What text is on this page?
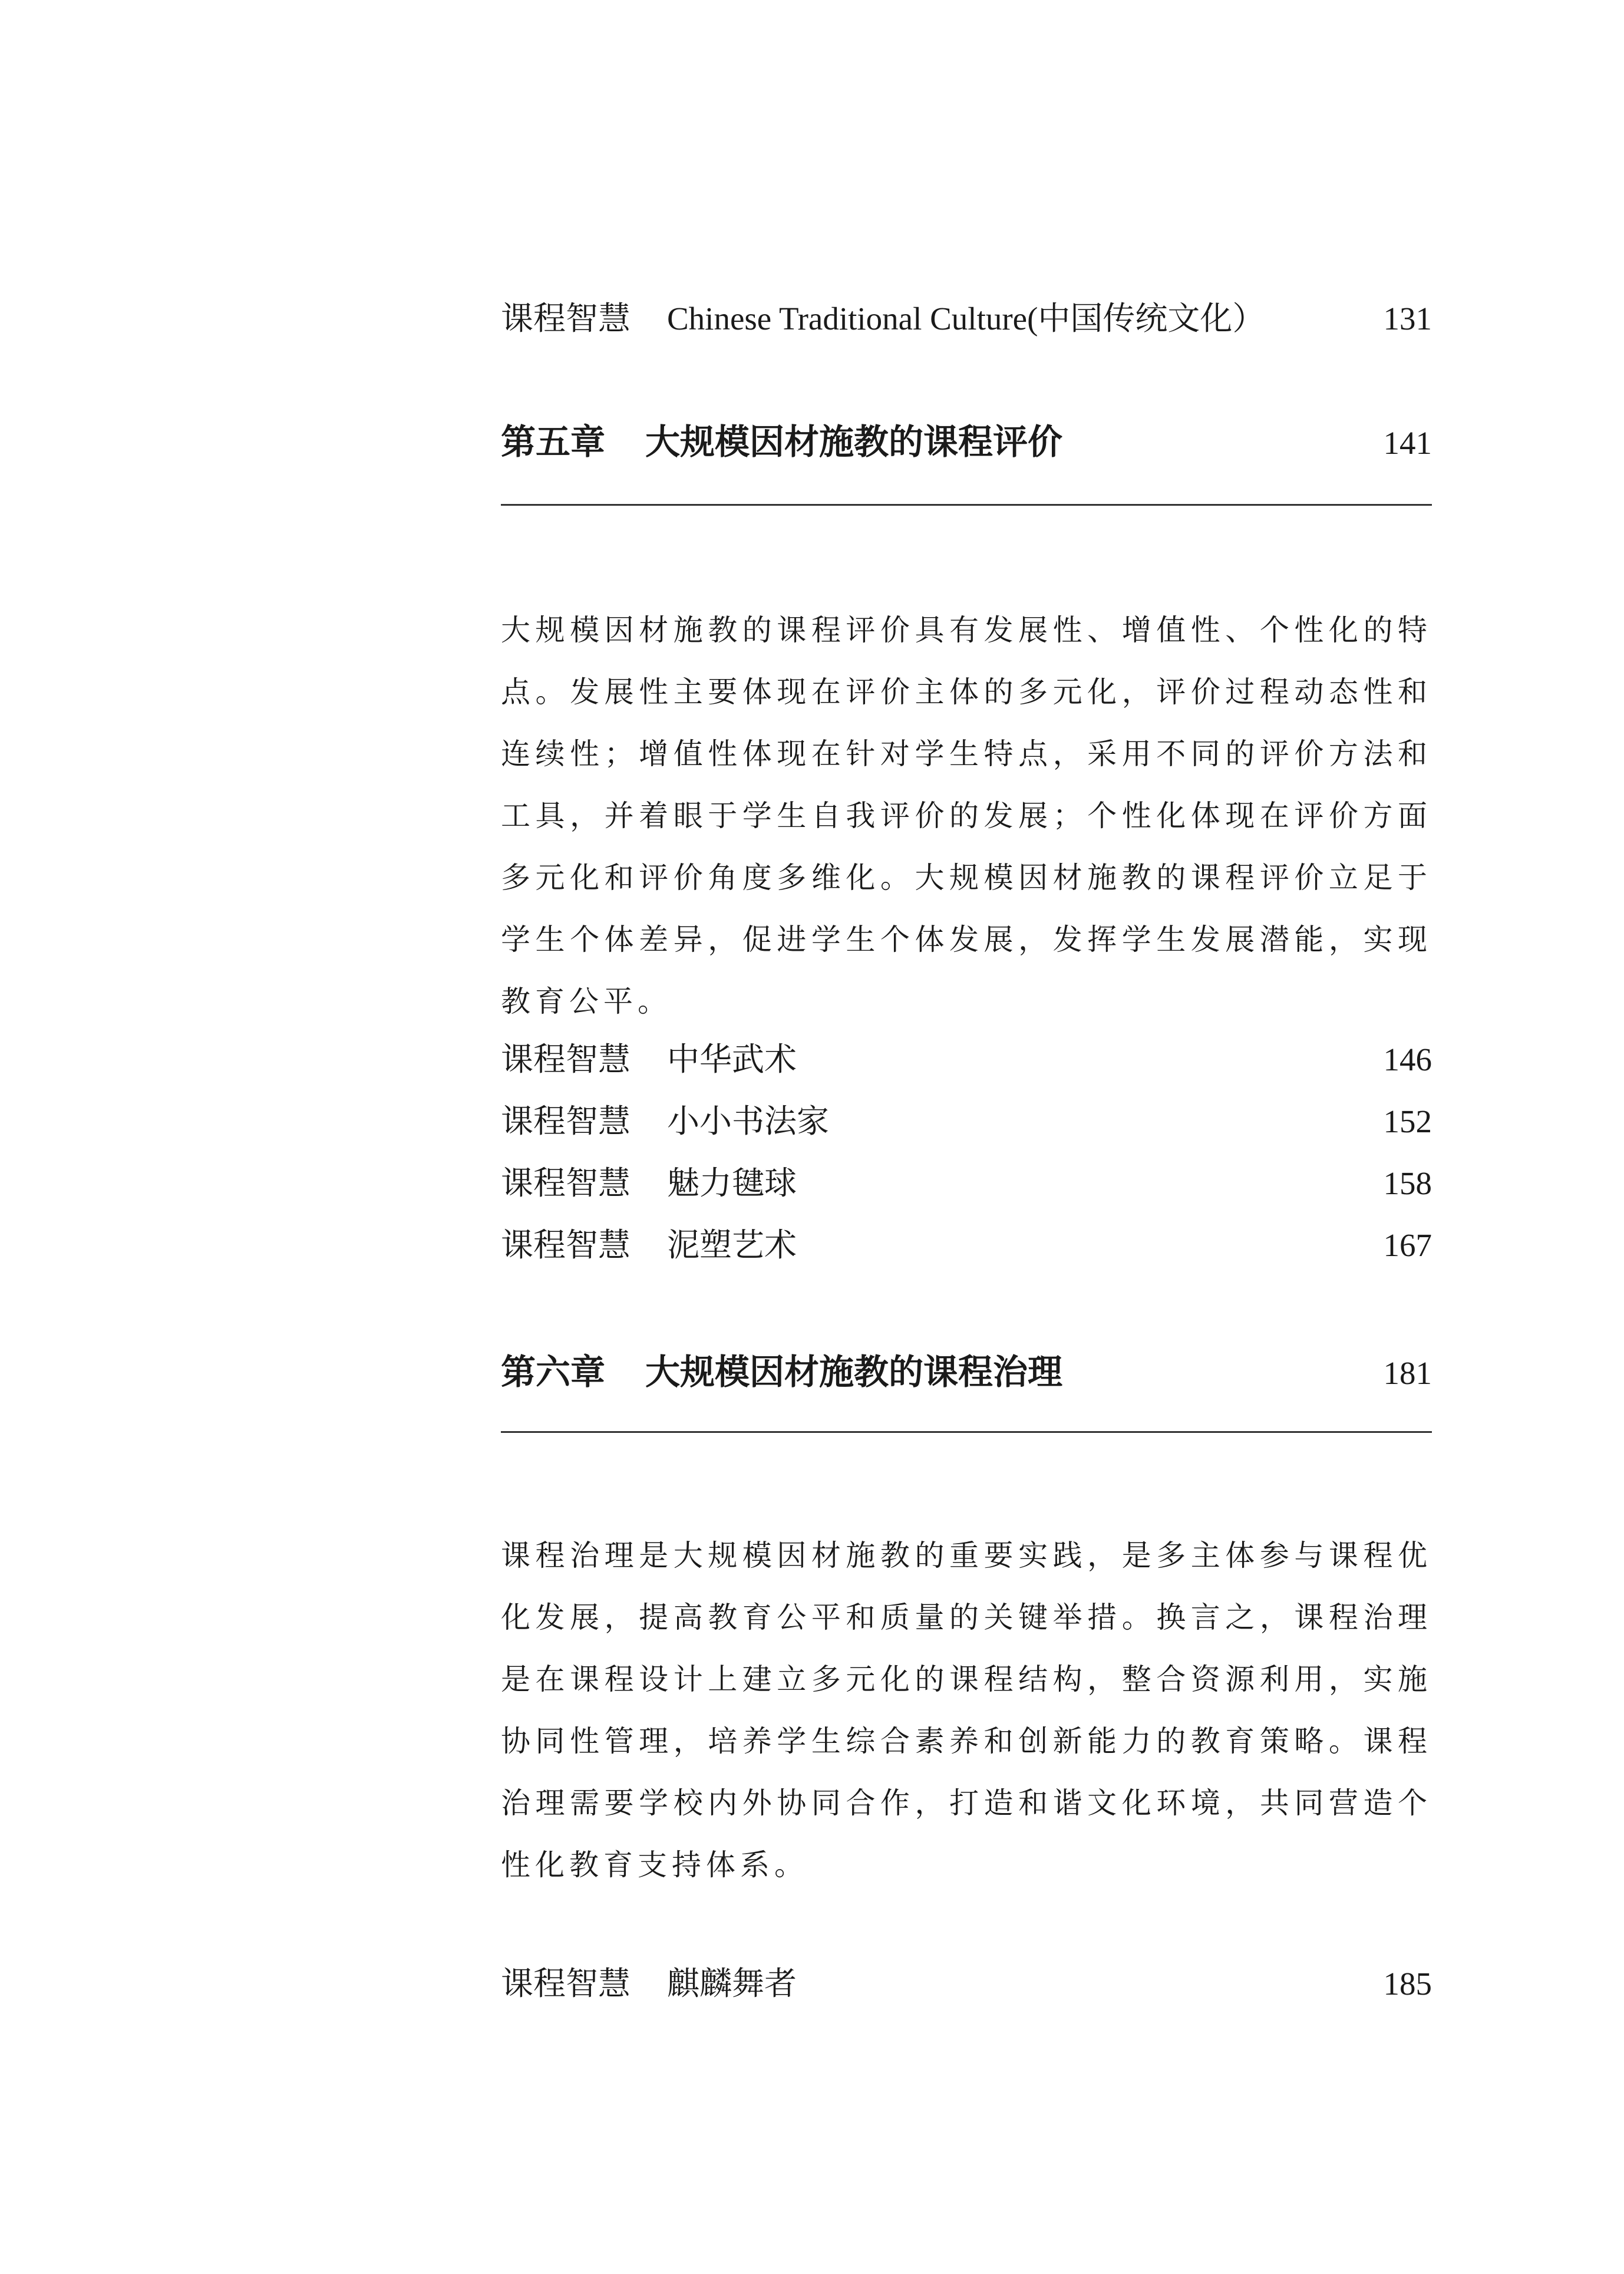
课程智慧	Chinese Traditional Culture(中国传统文化）	131
第五章	大规模因材施教的课程评价	141

大规模因材施教的课程评价具有发展性、增值性、个性化的特点。发展性主要体现在评价主体的多元化，评价过程动态性和连续性；增值性体现在针对学生特点，采用不同的评价方法和工具，并着眼于学生自我评价的发展；个性化体现在评价方面多元化和评价角度多维化。大规模因材施教的课程评价立足于学生个体差异，促进学生个体发展，发挥学生发展潜能，实现教育公平。

课程智慧	中华武术	146
课程智慧	小小书法家	152
课程智慧	魅力毽球	158
课程智慧	泥塑艺术	167
第六章	大规模因材施教的课程治理	181

课程治理是大规模因材施教的重要实践，是多主体参与课程优化发展，提高教育公平和质量的关键举措。换言之，课程治理是在课程设计上建立多元化的课程结构，整合资源利用，实施协同性管理，培养学生综合素养和创新能力的教育策略。课程治理需要学校内外协同合作，打造和谐文化环境，共同营造个性化教育支持体系。

课程智慧	麒麟舞者	185
